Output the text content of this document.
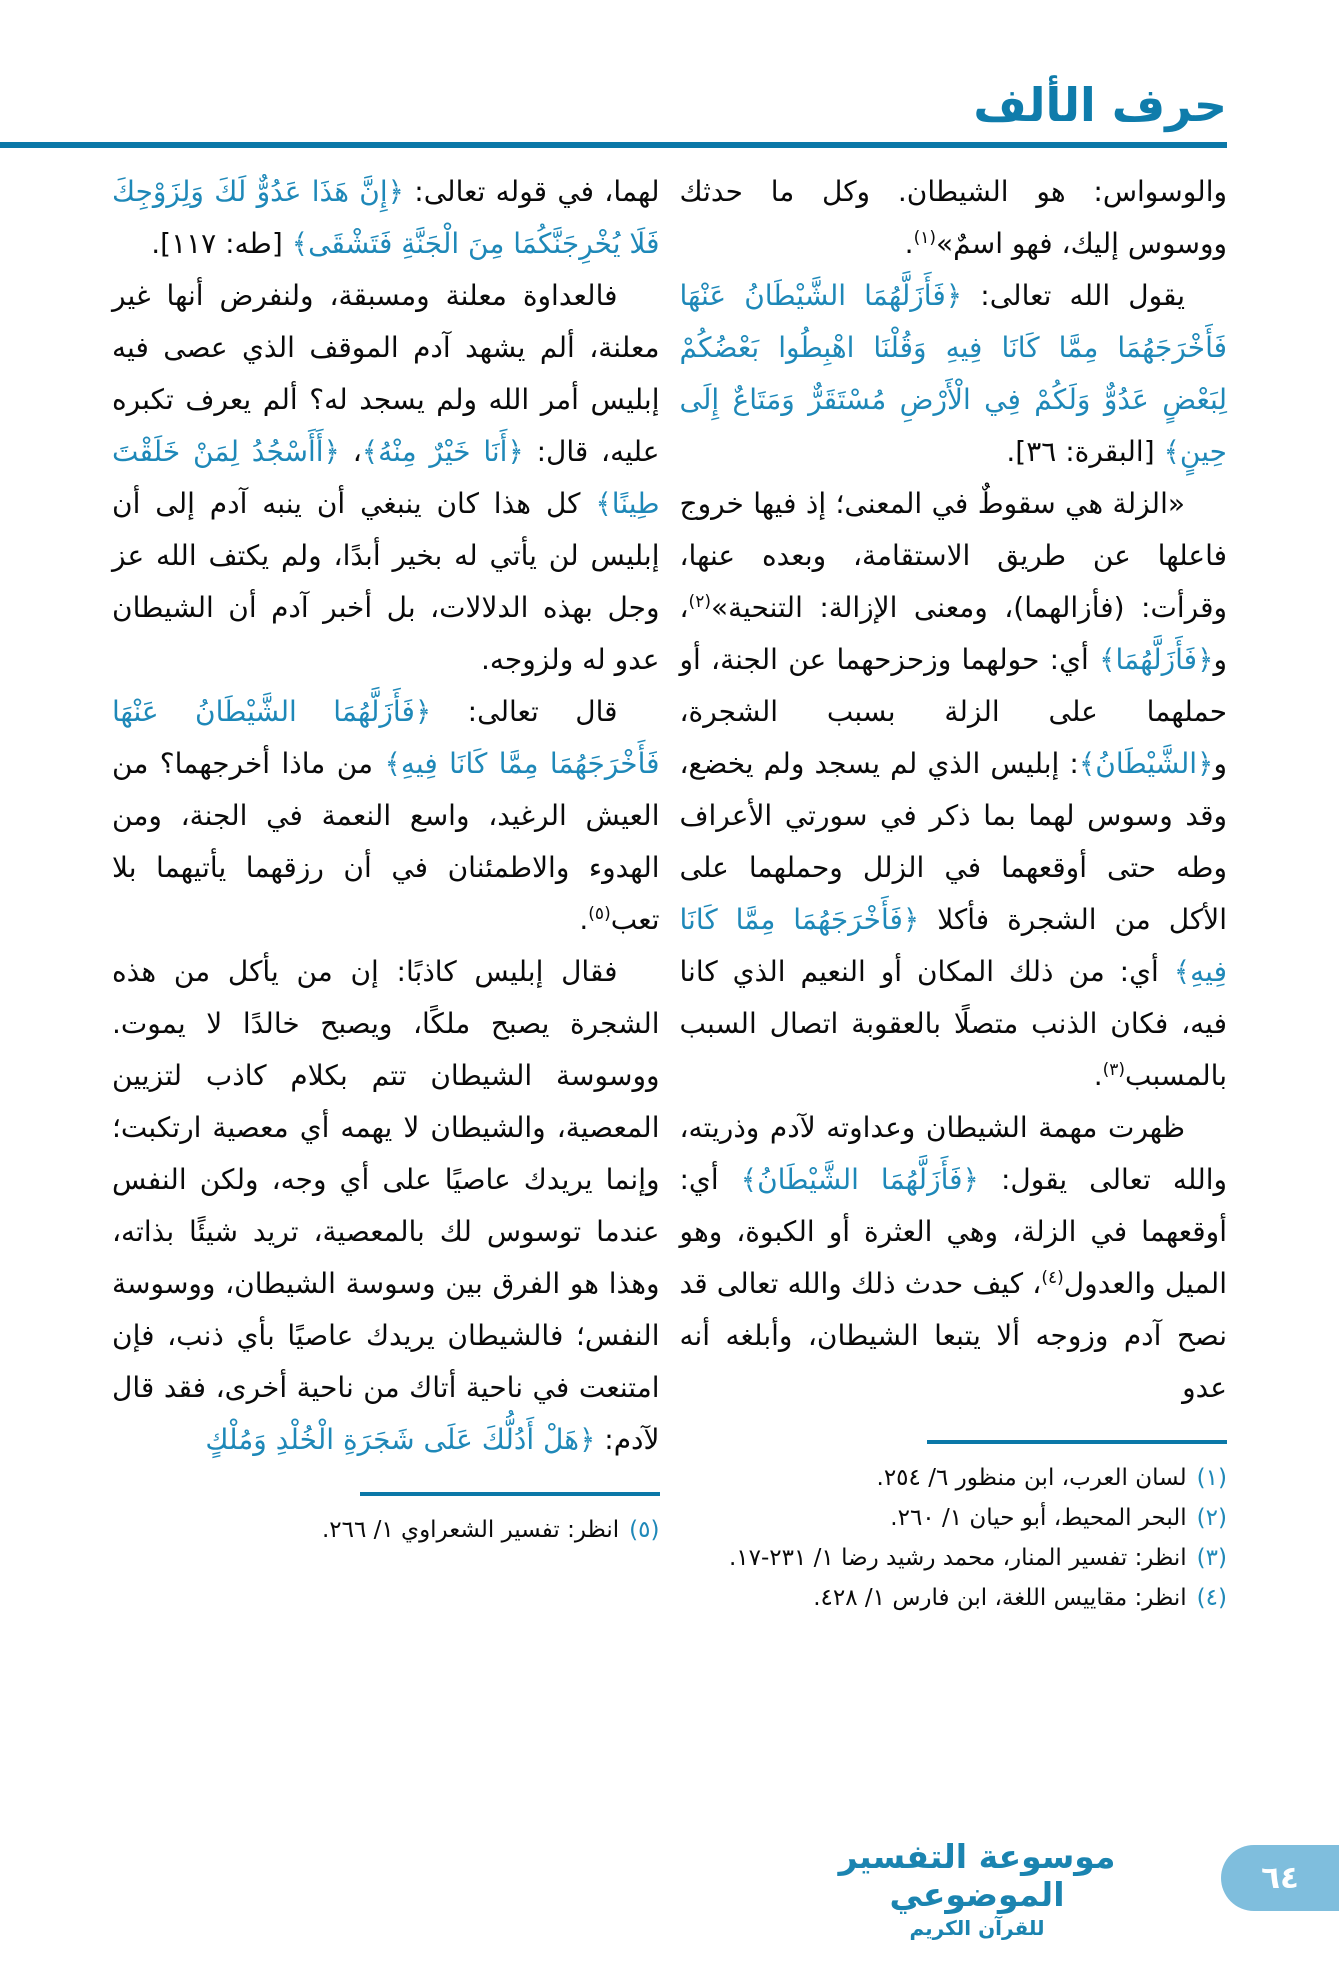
حرف الألف

والوسواس: هو الشيطان. وكل ما حدثك ووسوس إليك، فهو اسمٌ»$^{(١)}$.

يقول الله تعالى: ﴿فَأَزَلَّهُمَا الشَّيْطَانُ عَنْهَا فَأَخْرَجَهُمَا مِمَّا كَانَا فِيهِ وَقُلْنَا اهْبِطُوا بَعْضُكُمْ لِبَعْضٍ عَدُوٌّ وَلَكُمْ فِي الْأَرْضِ مُسْتَقَرٌّ وَمَتَاعٌ إِلَى حِينٍ﴾ [البقرة: ٣٦].

«الزلة هي سقوطٌ في المعنى؛ إذ فيها خروج فاعلها عن طريق الاستقامة، وبعده عنها، وقرأت: (فأزالهما)، ومعنى الإزالة: التنحية»$^{(٢)}$، و﴿فَأَزَلَّهُمَا﴾ أي: حولهما وزحزحهما عن الجنة، أو حملهما على الزلة بسبب الشجرة، و﴿الشَّيْطَانُ﴾: إبليس الذي لم يسجد ولم يخضع، وقد وسوس لهما بما ذكر في سورتي الأعراف وطه حتى أوقعهما في الزلل وحملهما على الأكل من الشجرة فأكلا ﴿فَأَخْرَجَهُمَا مِمَّا كَانَا فِيهِ﴾ أي: من ذلك المكان أو النعيم الذي كانا فيه، فكان الذنب متصلًا بالعقوبة اتصال السبب بالمسبب$^{(٣)}$.

ظهرت مهمة الشيطان وعداوته لآدم وذريته، والله تعالى يقول: ﴿فَأَزَلَّهُمَا الشَّيْطَانُ﴾ أي: أوقعهما في الزلة، وهي العثرة أو الكبوة، وهو الميل والعدول$^{(٤)}$، كيف حدث ذلك والله تعالى قد نصح آدم وزوجه ألا يتبعا الشيطان، وأبلغه أنه عدو

(١)
لسان العرب، ابن منظور ٦/ ٢٥٤.
(٢)
البحر المحيط، أبو حيان ١/ ٢٦٠.
(٣)
انظر: تفسير المنار، محمد رشيد رضا ١/ ٢٣١-١٧.
(٤)
انظر: مقاييس اللغة، ابن فارس ١/ ٤٢٨.

لهما، في قوله تعالى: ﴿إِنَّ هَذَا عَدُوٌّ لَكَ وَلِزَوْجِكَ فَلَا يُخْرِجَنَّكُمَا مِنَ الْجَنَّةِ فَتَشْقَى﴾ [طه: ١١٧].

فالعداوة معلنة ومسبقة، ولنفرض أنها غير معلنة، ألم يشهد آدم الموقف الذي عصى فيه إبليس أمر الله ولم يسجد له؟ ألم يعرف تكبره عليه، قال: ﴿أَنَا خَيْرٌ مِنْهُ﴾، ﴿أَأَسْجُدُ لِمَنْ خَلَقْتَ طِينًا﴾ كل هذا كان ينبغي أن ينبه آدم إلى أن إبليس لن يأتي له بخير أبدًا، ولم يكتف الله عز وجل بهذه الدلالات، بل أخبر آدم أن الشيطان عدو له ولزوجه.

قال تعالى: ﴿فَأَزَلَّهُمَا الشَّيْطَانُ عَنْهَا فَأَخْرَجَهُمَا مِمَّا كَانَا فِيهِ﴾ من ماذا أخرجهما؟ من العيش الرغيد، واسع النعمة في الجنة، ومن الهدوء والاطمئنان في أن رزقهما يأتيهما بلا تعب$^{(٥)}$.

فقال إبليس كاذبًا: إن من يأكل من هذه الشجرة يصبح ملكًا، ويصبح خالدًا لا يموت. ووسوسة الشيطان تتم بكلام كاذب لتزيين المعصية، والشيطان لا يهمه أي معصية ارتكبت؛ وإنما يريدك عاصيًا على أي وجه، ولكن النفس عندما توسوس لك بالمعصية، تريد شيئًا بذاته، وهذا هو الفرق بين وسوسة الشيطان، ووسوسة النفس؛ فالشيطان يريدك عاصيًا بأي ذنب، فإن امتنعت في ناحية أتاك من ناحية أخرى، فقد قال لآدم: ﴿هَلْ أَدُلُّكَ عَلَى شَجَرَةِ الْخُلْدِ وَمُلْكٍ

(٥)
انظر: تفسير الشعراوي ١/ ٢٦٦.
موسوعة التفسير الموضوعي
للقرآن الكريم
٦٤
